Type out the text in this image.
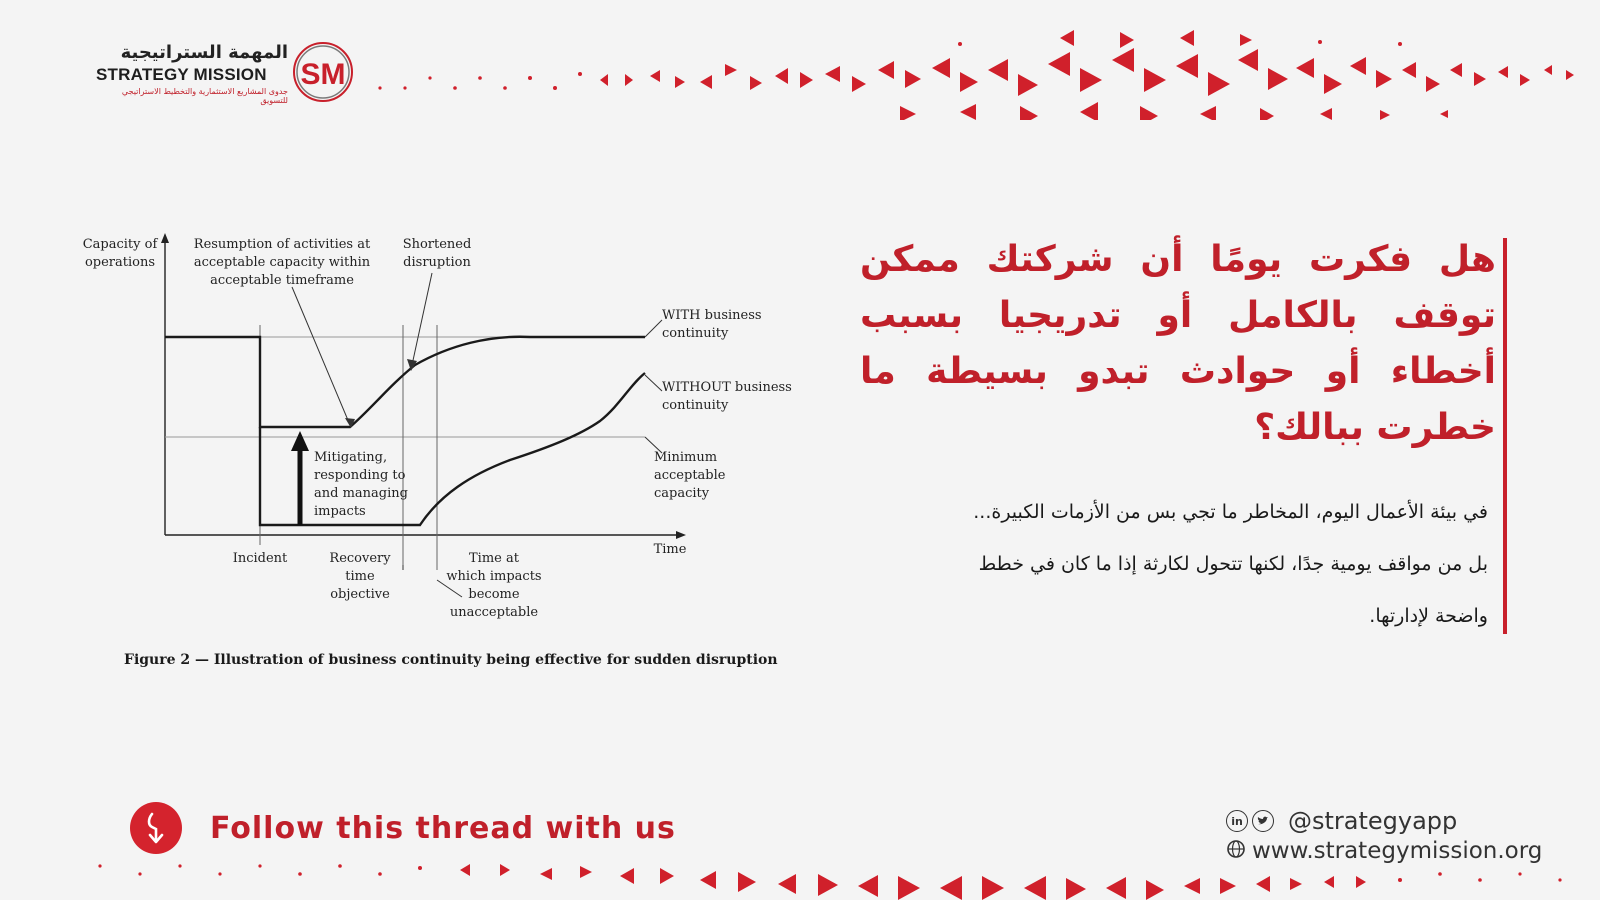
المهمة الستراتيجية
STRATEGY MISSION
جدوى المشاريع الاستثمارية والتخطيط الاستراتيجي للتسويق
SM
Capacity of
operations
Resumption of activities at
acceptable capacity within
acceptable timeframe
Shortened
disruption
WITH business
continuity
WITHOUT business
continuity
Minimum
acceptable
capacity
Mitigating,
responding to
and managing
impacts
Time
Incident	Recovery
time
objective
Time at
which impacts
become
unacceptable
Figure 2 — Illustration of business continuity being effective for sudden disruption
هل فكرت يومًا أن شركتك ممكن توقف بالكامل أو تدريجيا بسبب أخطاء أو حوادث تبدو بسيطة ما خطرت ببالك؟

في بيئة الأعمال اليوم، المخاطر ما تجي بس من الأزمات الكبيرة...

بل من مواقف يومية جدًا، لكنها تتحول لكارثة إذا ما كان في خطط

واضحة لإدارتها.

Follow this thread with us	in @strategyapp
www.strategymission.org
